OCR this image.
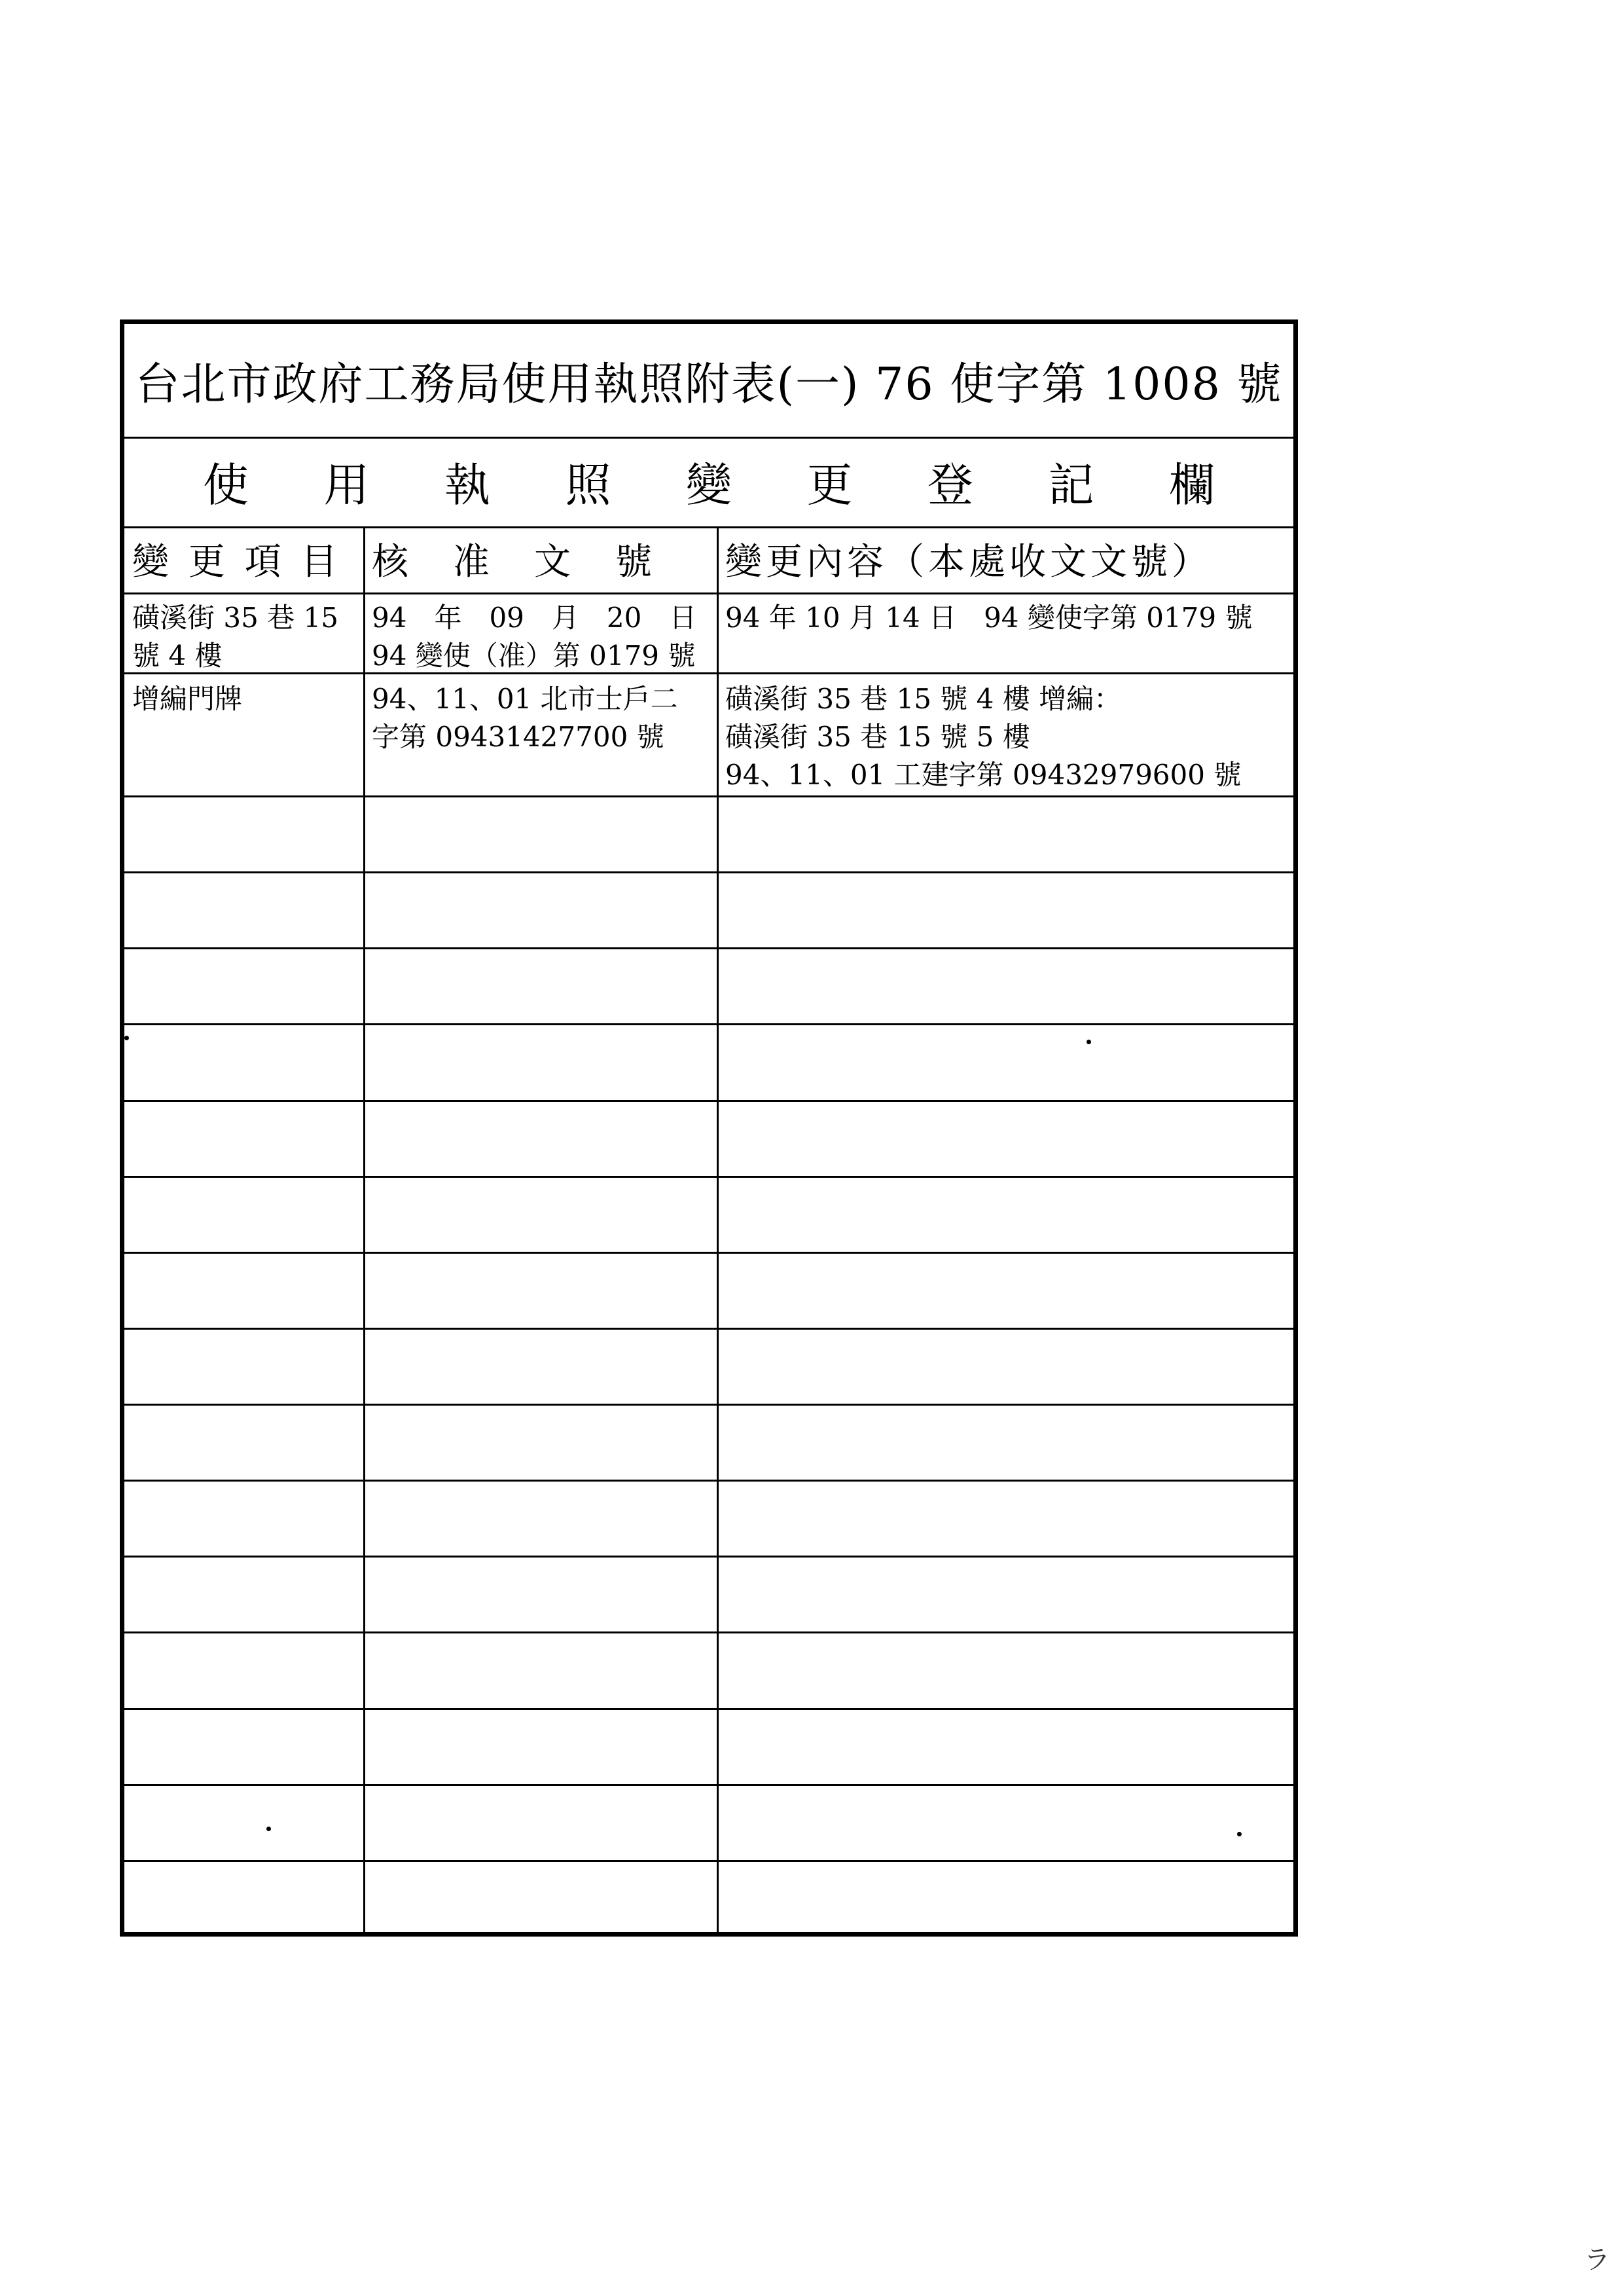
台北市政府工務局使用執照附表(一) 76 使字第 1008 號
使 用 執 照 變 更 登 記 欄
變 更 項 目 核　准　文　號	變更內容（本處收文文號）
磺溪街 35 巷 15
號 4 樓
94　年　09　月　20　日
94 變使（准）第 0179 號
94 年 10 月 14 日　94 變使字第 0179 號
增編門牌	94、11、01 北市士戶二
字第 09431427700 號
磺溪街 35 巷 15 號 4 樓 增編：
磺溪街 35 巷 15 號 5 樓
94、11、01 工建字第 09432979600 號
ラ
